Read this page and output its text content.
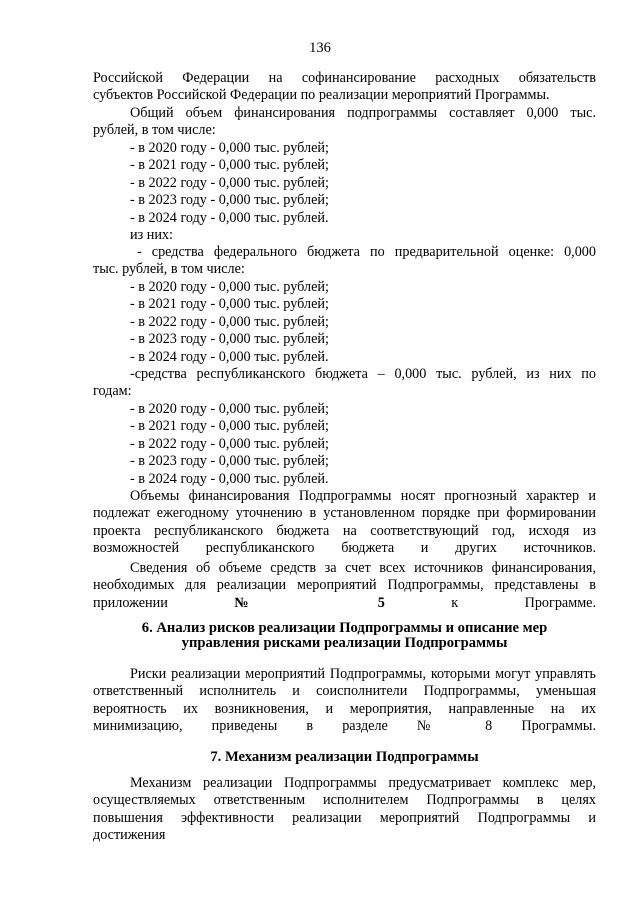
136
Российской Федерации на софинансирование расходных обязательств
субъектов Российской Федерации по реализации мероприятий Программы.
Общий объем финансирования подпрограммы составляет 0,000 тыс.
рублей, в том числе:
- в 2020 году - 0,000 тыс. рублей;
- в 2021 году - 0,000 тыс. рублей;
- в 2022 году - 0,000 тыс. рублей;
- в 2023 году - 0,000 тыс. рублей;
- в 2024 году - 0,000 тыс. рублей.
из них:
- средства федерального бюджета по предварительной оценке: 0,000
тыс. рублей, в том числе:
- в 2020 году - 0,000 тыс. рублей;
- в 2021 году - 0,000 тыс. рублей;
- в 2022 году - 0,000 тыс. рублей;
- в 2023 году - 0,000 тыс. рублей;
- в 2024 году - 0,000 тыс. рублей.
-средства республиканского бюджета – 0,000 тыс. рублей, из них по
годам:
- в 2020 году - 0,000 тыс. рублей;
- в 2021 году - 0,000 тыс. рублей;
- в 2022 году - 0,000 тыс. рублей;
- в 2023 году - 0,000 тыс. рублей;
- в 2024 году - 0,000 тыс. рублей.
Объемы финансирования Подпрограммы носят прогнозный характер и подлежат ежегодному уточнению в установленном порядке при формировании проекта республиканского бюджета на соответствующий год, исходя из возможностей республиканского бюджета и других источников.
Сведения об объеме средств за счет всех источников финансирования, необходимых для реализации мероприятий Подпрограммы, представлены в приложении	№ 5	к Программе.
6. Анализ рисков реализации Подпрограммы и описание мер
управления рисками реализации Подпрограммы
Риски реализации мероприятий Подпрограммы, которыми могут управлять ответственный исполнитель и соисполнители Подпрограммы, уменьшая вероятность их возникновения, и мероприятия, направленные на их минимизацию, приведены в разделе № 8 Программы.
7. Механизм реализации Подпрограммы
Механизм реализации Подпрограммы предусматривает комплекс мер, осуществляемых ответственным исполнителем Подпрограммы в целях повышения эффективности реализации мероприятий Подпрограммы и достижения
